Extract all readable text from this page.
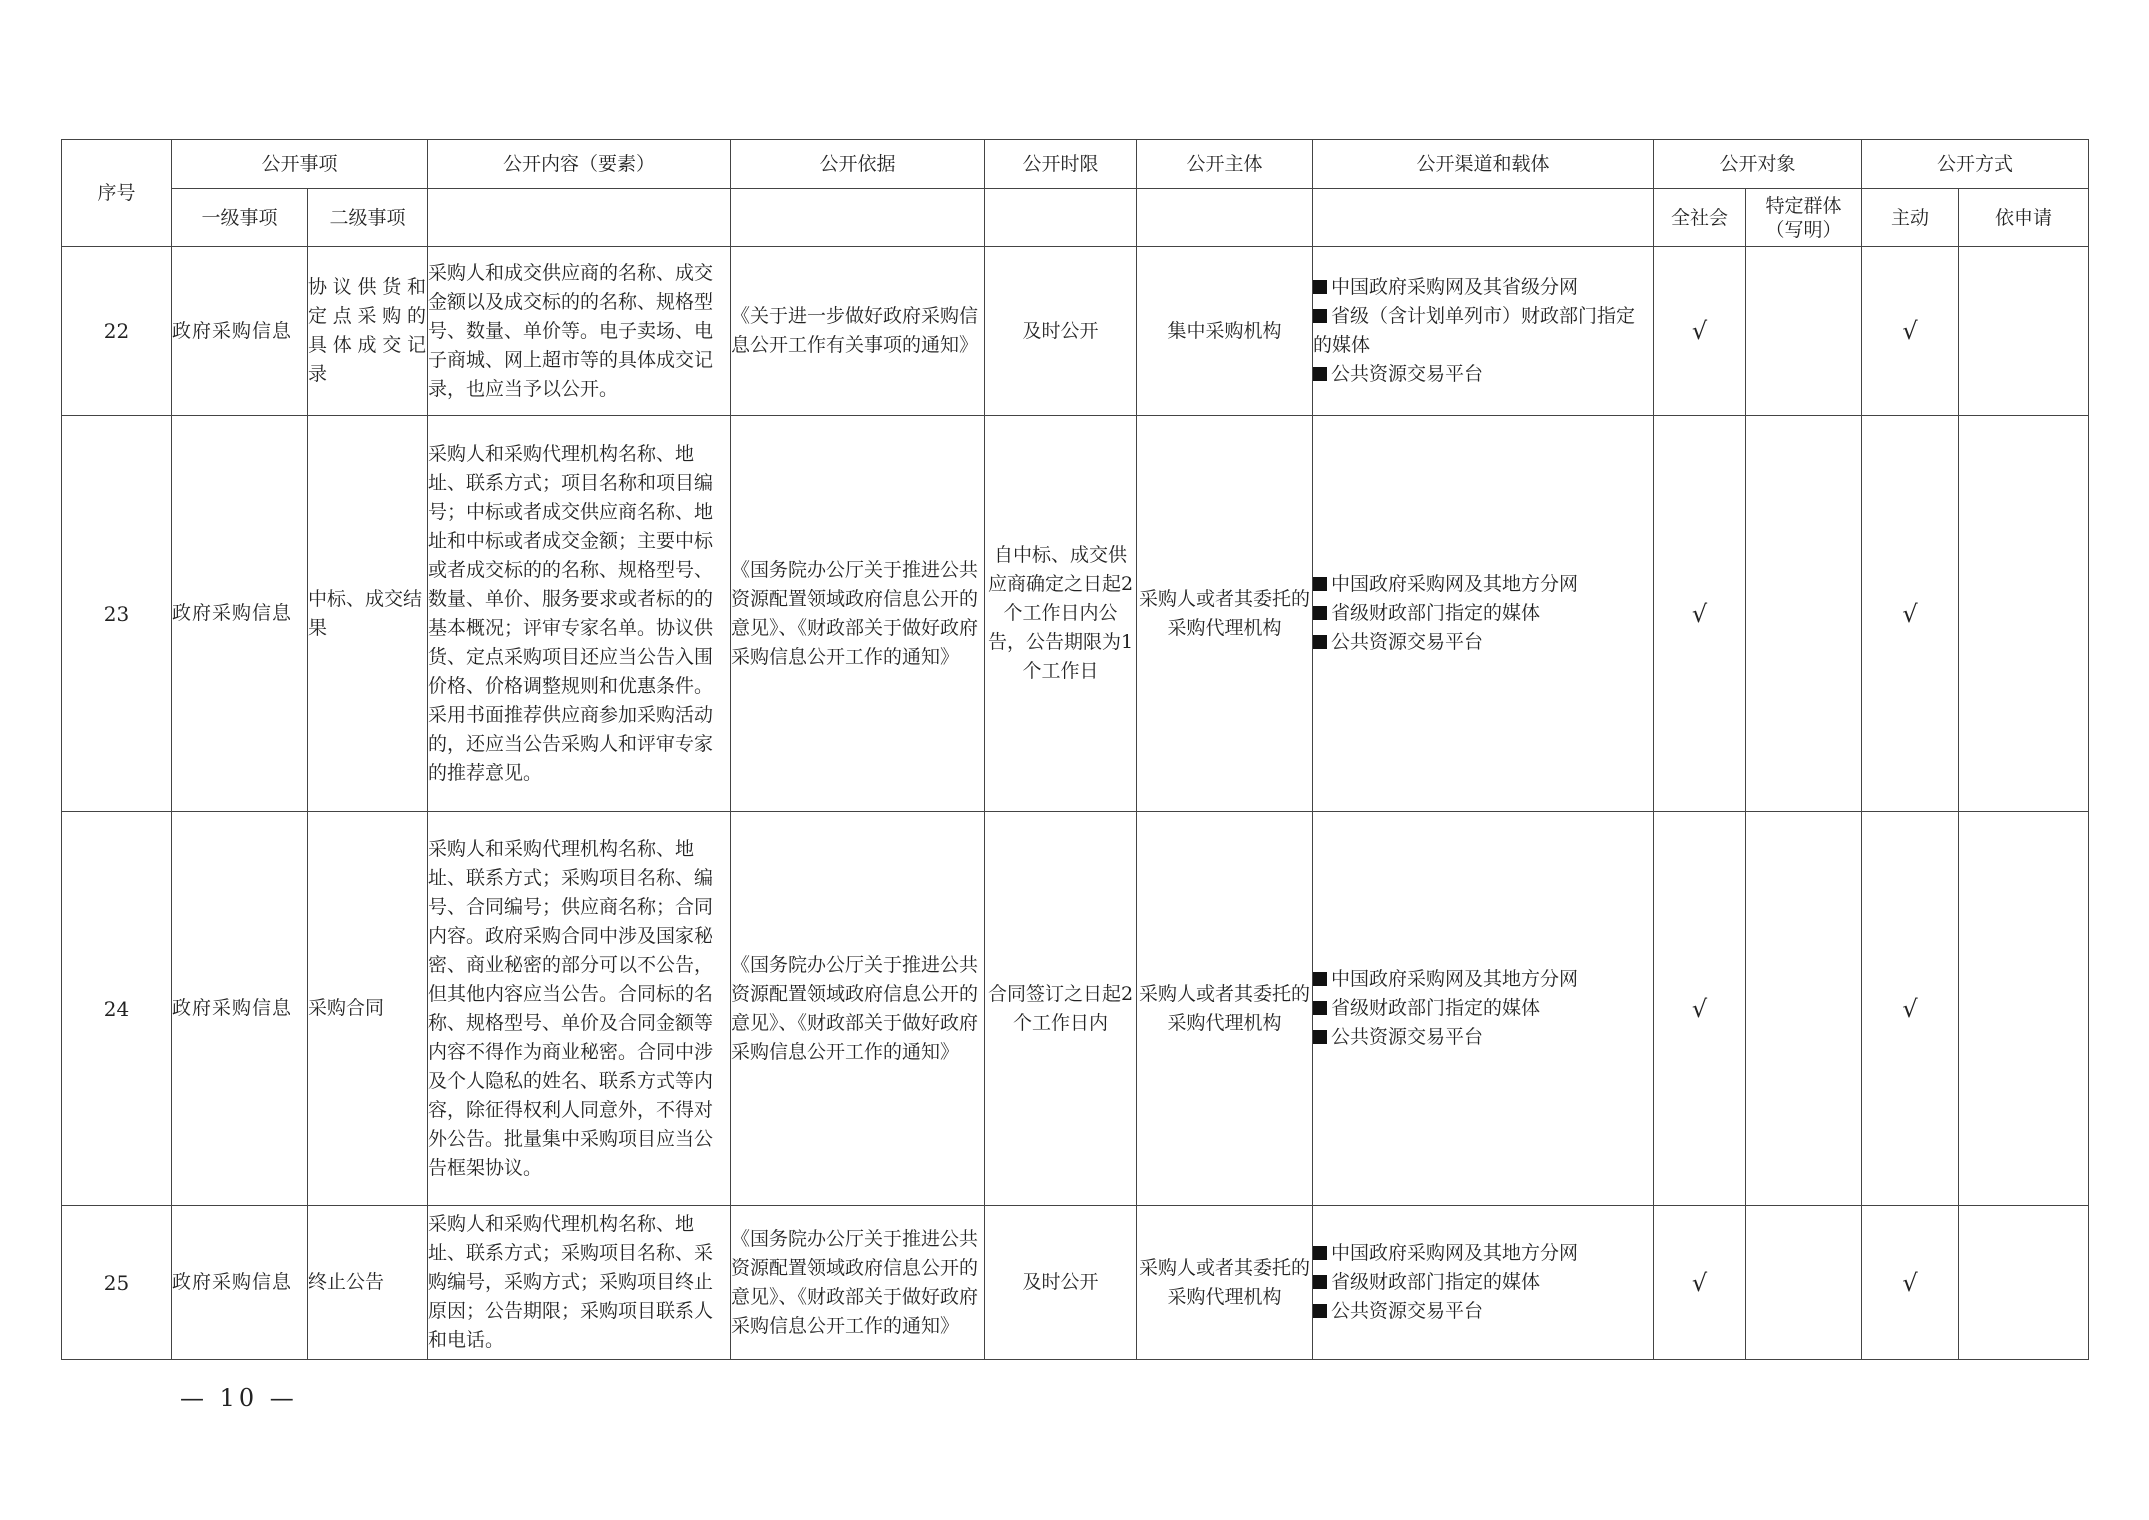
序号	公开事项		公开内容（要素）	公开依据	公开时限	公开主体	公开渠道和载体	公开对象		公开方式	
	一级事项	二级事项						全社会	特定群体（写明）	主动	依申请
22	政府采购信息	协议供货和定点采购的具体成交记录	采购人和成交供应商的名称、成交金额以及成交标的的名称、规格型号、数量、单价等。电子卖场、电子商城、网上超市等的具体成交记录，也应当予以公开。	《关于进一步做好政府采购信息公开工作有关事项的通知》	及时公开	集中采购机构	中国政府采购网及其省级分网
省级（含计划单列市）财政部门指定的媒体
公共资源交易平台	√		√	
23	政府采购信息	中标、成交结果	采购人和采购代理机构名称、地址、联系方式；项目名称和项目编号；中标或者成交供应商名称、地址和中标或者成交金额；主要中标或者成交标的的名称、规格型号、数量、单价、服务要求或者标的的基本概况；评审专家名单。协议供货、定点采购项目还应当公告入围价格、价格调整规则和优惠条件。采用书面推荐供应商参加采购活动的，还应当公告采购人和评审专家的推荐意见。	《国务院办公厅关于推进公共资源配置领域政府信息公开的意见》、《财政部关于做好政府采购信息公开工作的通知》	自中标、成交供应商确定之日起2个工作日内公告，公告期限为1个工作日	采购人或者其委托的采购代理机构	中国政府采购网及其地方分网
省级财政部门指定的媒体
公共资源交易平台	√		√	
24	政府采购信息	采购合同	采购人和采购代理机构名称、地址、联系方式；采购项目名称、编号、合同编号；供应商名称；合同内容。政府采购合同中涉及国家秘密、商业秘密的部分可以不公告，但其他内容应当公告。合同标的名称、规格型号、单价及合同金额等内容不得作为商业秘密。合同中涉及个人隐私的姓名、联系方式等内容，除征得权利人同意外，不得对外公告。批量集中采购项目应当公告框架协议。	《国务院办公厅关于推进公共资源配置领域政府信息公开的意见》、《财政部关于做好政府采购信息公开工作的通知》	合同签订之日起2个工作日内	采购人或者其委托的采购代理机构	中国政府采购网及其地方分网
省级财政部门指定的媒体
公共资源交易平台	√		√	
25	政府采购信息	终止公告	采购人和采购代理机构名称、地址、联系方式；采购项目名称、采购编号，采购方式；采购项目终止原因；公告期限；采购项目联系人和电话。	《国务院办公厅关于推进公共资源配置领域政府信息公开的意见》、《财政部关于做好政府采购信息公开工作的通知》	及时公开	采购人或者其委托的采购代理机构	中国政府采购网及其地方分网
省级财政部门指定的媒体
公共资源交易平台	√		√	
— 10 —
